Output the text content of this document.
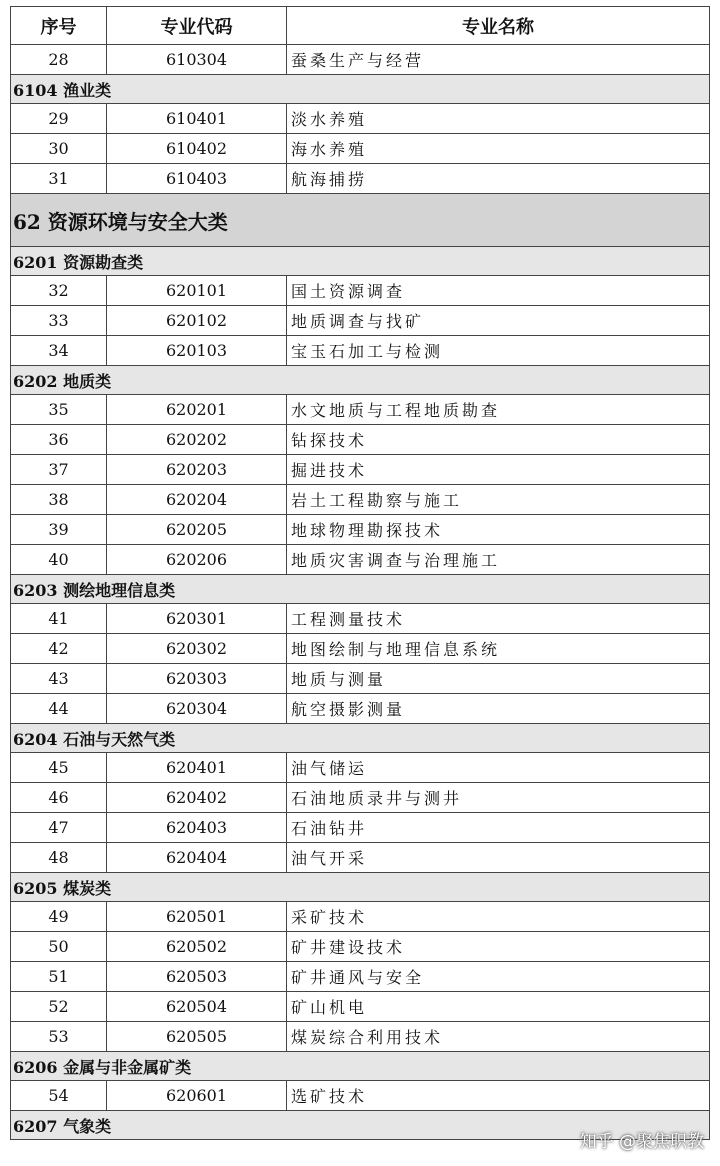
序号	专业代码	专业名称
28	610304	蚕桑生产与经营
6104 渔业类		
29	610401	淡水养殖
30	610402	海水养殖
31	610403	航海捕捞
62 资源环境与安全大类		
6201 资源勘查类		
32	620101	国土资源调查
33	620102	地质调查与找矿
34	620103	宝玉石加工与检测
6202 地质类		
35	620201	水文地质与工程地质勘查
36	620202	钻探技术
37	620203	掘进技术
38	620204	岩土工程勘察与施工
39	620205	地球物理勘探技术
40	620206	地质灾害调查与治理施工
6203 测绘地理信息类		
41	620301	工程测量技术
42	620302	地图绘制与地理信息系统
43	620303	地质与测量
44	620304	航空摄影测量
6204 石油与天然气类		
45	620401	油气储运
46	620402	石油地质录井与测井
47	620403	石油钻井
48	620404	油气开采
6205 煤炭类		
49	620501	采矿技术
50	620502	矿井建设技术
51	620503	矿井通风与安全
52	620504	矿山机电
53	620505	煤炭综合利用技术
6206 金属与非金属矿类		
54	620601	选矿技术
6207 气象类		
知乎 @聚焦职教
